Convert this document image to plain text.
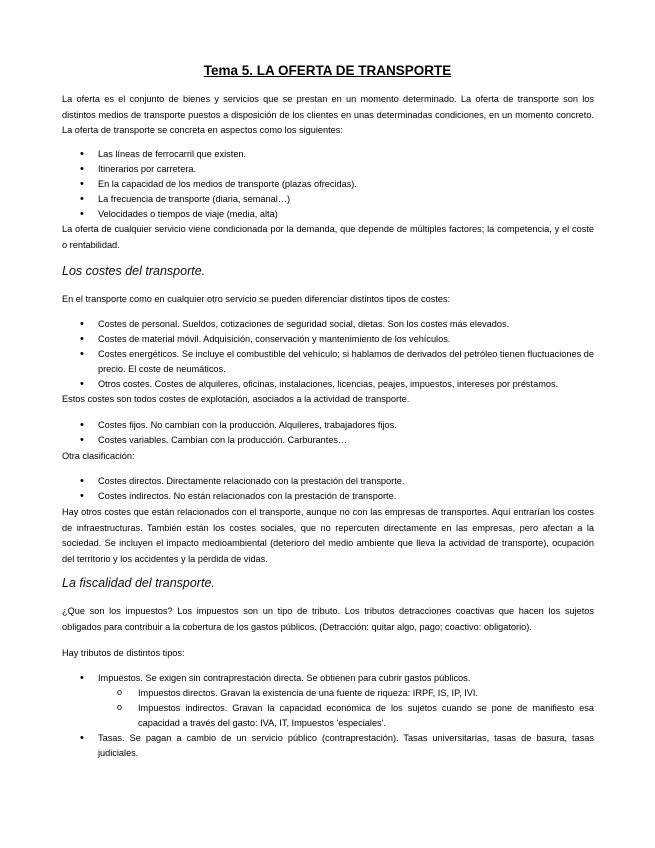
Tema 5. LA OFERTA DE TRANSPORTE

La oferta es el conjunto de bienes y servicios que se prestan en un momento determinado. La oferta de transporte son los distintos medios de transporte puestos a disposición de los clientes en unas determinadas condiciones, en un momento concreto. La oferta de transporte se concreta en aspectos como los siguientes:

• Las líneas de ferrocarril que existen.
• Itinerarios por carretera.
• En la capacidad de los medios de transporte (plazas ofrecidas).
• La frecuencia de transporte (diaria, semanal…)
• Velocidades o tiempos de viaje (media, alta)

La oferta de cualquier servicio viene condicionada por la demanda, que depende de múltiples factores; la competencia, y el coste o rentabilidad.

Los costes del transporte.

En el transporte como en cualquier otro servicio se pueden diferenciar distintos tipos de costes:

• Costes de personal. Sueldos, cotizaciones de seguridad social, dietas. Son los costes más elevados.
• Costes de material móvil. Adquisición, conservación y mantenimiento de los vehículos.
• Costes energéticos. Se incluye el combustible del vehículo; si hablamos de derivados del petróleo tienen fluctuaciones de precio. El coste de neumáticos.
• Otros costes. Costes de alquileres, oficinas, instalaciones, licencias, peajes, impuestos, intereses por préstamos.

Estos costes son todos costes de explotación, asociados a la actividad de transporte.

• Costes fijos. No cambian con la producción. Alquileres, trabajadores fijos.
• Costes variables. Cambian con la producción. Carburantes…

Otra clasificación:

• Costes directos. Directamente relacionado con la prestación del transporte.
• Costes indirectos. No están relacionados con la prestación de transporte.

Hay otros costes que están relacionados con el transporte, aunque no con las empresas de transportes. Aquí entrarían los costes de infraestructuras. También están los costes sociales, que no repercuten directamente en las empresas, pero afectan a la sociedad. Se incluyen el impacto medioambiental (deterioro del medio ambiente que lleva la actividad de transporte), ocupación del territorio y los accidentes y la pérdida de vidas.

La fiscalidad del transporte.

¿Que son los impuestos? Los impuestos son un tipo de tributo. Los tributos detracciones coactivas que hacen los sujetos obligados para contribuir a la cobertura de los gastos públicos. (Detracción: quitar algo, pago; coactivo: obligatorio).

Hay tributos de distintos tipos:

• Impuestos. Se exigen sin contraprestación directa. Se obtienen para cubrir gastos públicos.
o Impuestos directos. Gravan la existencia de una fuente de riqueza: IRPF, IS, IP, IVI.
o Impuestos indirectos. Gravan la capacidad económica de los sujetos cuando se pone de manifiesto esa capacidad a través del gasto: IVA, IT, Impuestos 'especiales'.
• Tasas. Se pagan a cambio de un servicio público (contraprestación). Tasas universitarias, tasas de basura, tasas judiciales.
